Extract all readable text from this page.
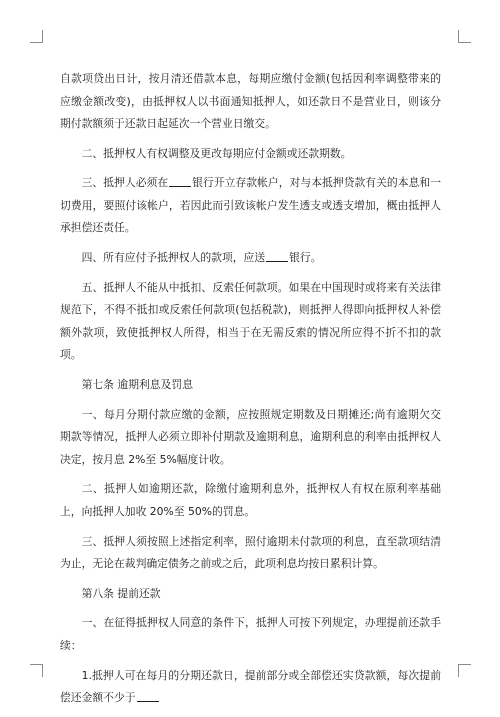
自款项贷出日计，按月清还借款本息，每期应缴付金额(包括因利率调整带来的应缴金额改变)，由抵押权人以书面通知抵押人，如还款日不是营业日，则该分期付款额须于还款日起延次一个营业日缴交。

二、抵押权人有权调整及更改每期应付金额或还款期数。

三、抵押人必须在 银行开立存款帐户，对与本抵押贷款有关的本息和一切费用，要照付该帐户，若因此而引致该帐户发生透支或透支增加，概由抵押人承担偿还责任。

四、所有应付予抵押权人的款项，应送 银行。

五、抵押人不能从中抵扣、反索任何款项。如果在中国现时或将来有关法律规范下，不得不抵扣或反索任何款项(包括税款)，则抵押人得即向抵押权人补偿额外款项，致使抵押权人所得，相当于在无需反索的情况所应得不折不扣的款项。

第七条 逾期利息及罚息

一、每月分期付款应缴的金额，应按照规定期数及日期摊还;尚有逾期欠交期款等情况，抵押人必须立即补付期款及逾期利息，逾期利息的利率由抵押权人决定，按月息 2%至 5%幅度计收。

二、抵押人如逾期还款，除缴付逾期利息外，抵押权人有权在原利率基础上，向抵押人加收 20%至 50%的罚息。

三、抵押人须按照上述指定利率，照付逾期未付款项的利息，直至款项结清为止，无论在裁判确定债务之前或之后，此项利息均按日累积计算。

第八条 提前还款

一、在征得抵押权人同意的条件下，抵押人可按下列规定，办理提前还款手续：

1.抵押人可在每月的分期还款日，提前部分或全部偿还实贷款额，每次提前偿还金额不少于
